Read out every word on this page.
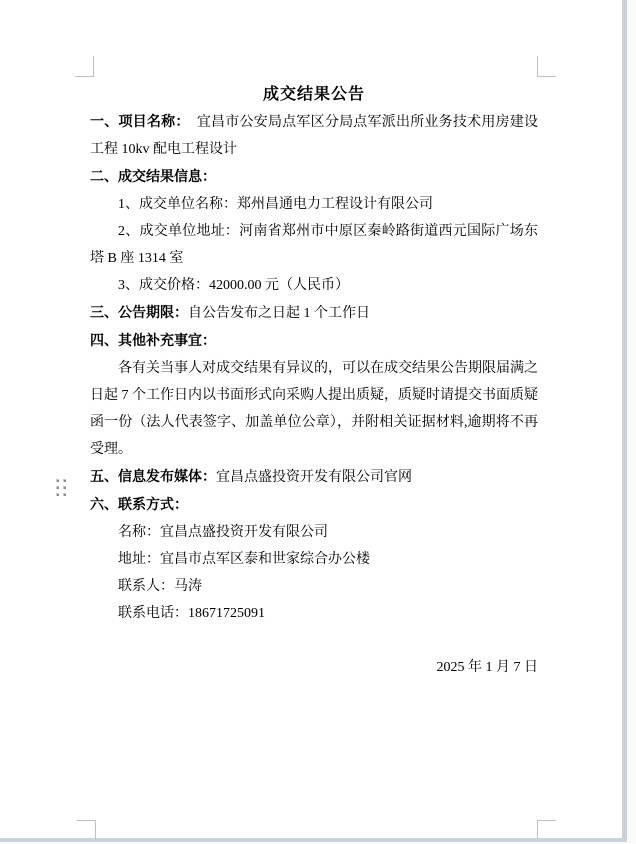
成交结果公告

一、项目名称：　宜昌市公安局点军区分局点军派出所业务技术用房建设工程 10kv 配电工程设计

二、成交结果信息：

1、成交单位名称：郑州昌通电力工程设计有限公司

2、成交单位地址：河南省郑州市中原区秦岭路街道西元国际广场东塔 B 座 1314 室

3、成交价格：42000.00 元（人民币）

三、公告期限：自公告发布之日起 1 个工作日

四、其他补充事宜：

各有关当事人对成交结果有异议的，可以在成交结果公告期限届满之日起 7 个工作日内以书面形式向采购人提出质疑，质疑时请提交书面质疑函一份（法人代表签字、加盖单位公章），并附相关证据材料,逾期将不再受理。

五、信息发布媒体：宜昌点盛投资开发有限公司官网

六、联系方式：

名称：宜昌点盛投资开发有限公司

地址：宜昌市点军区泰和世家综合办公楼

联系人：马涛

联系电话：18671725091

2025 年 1 月 7 日
